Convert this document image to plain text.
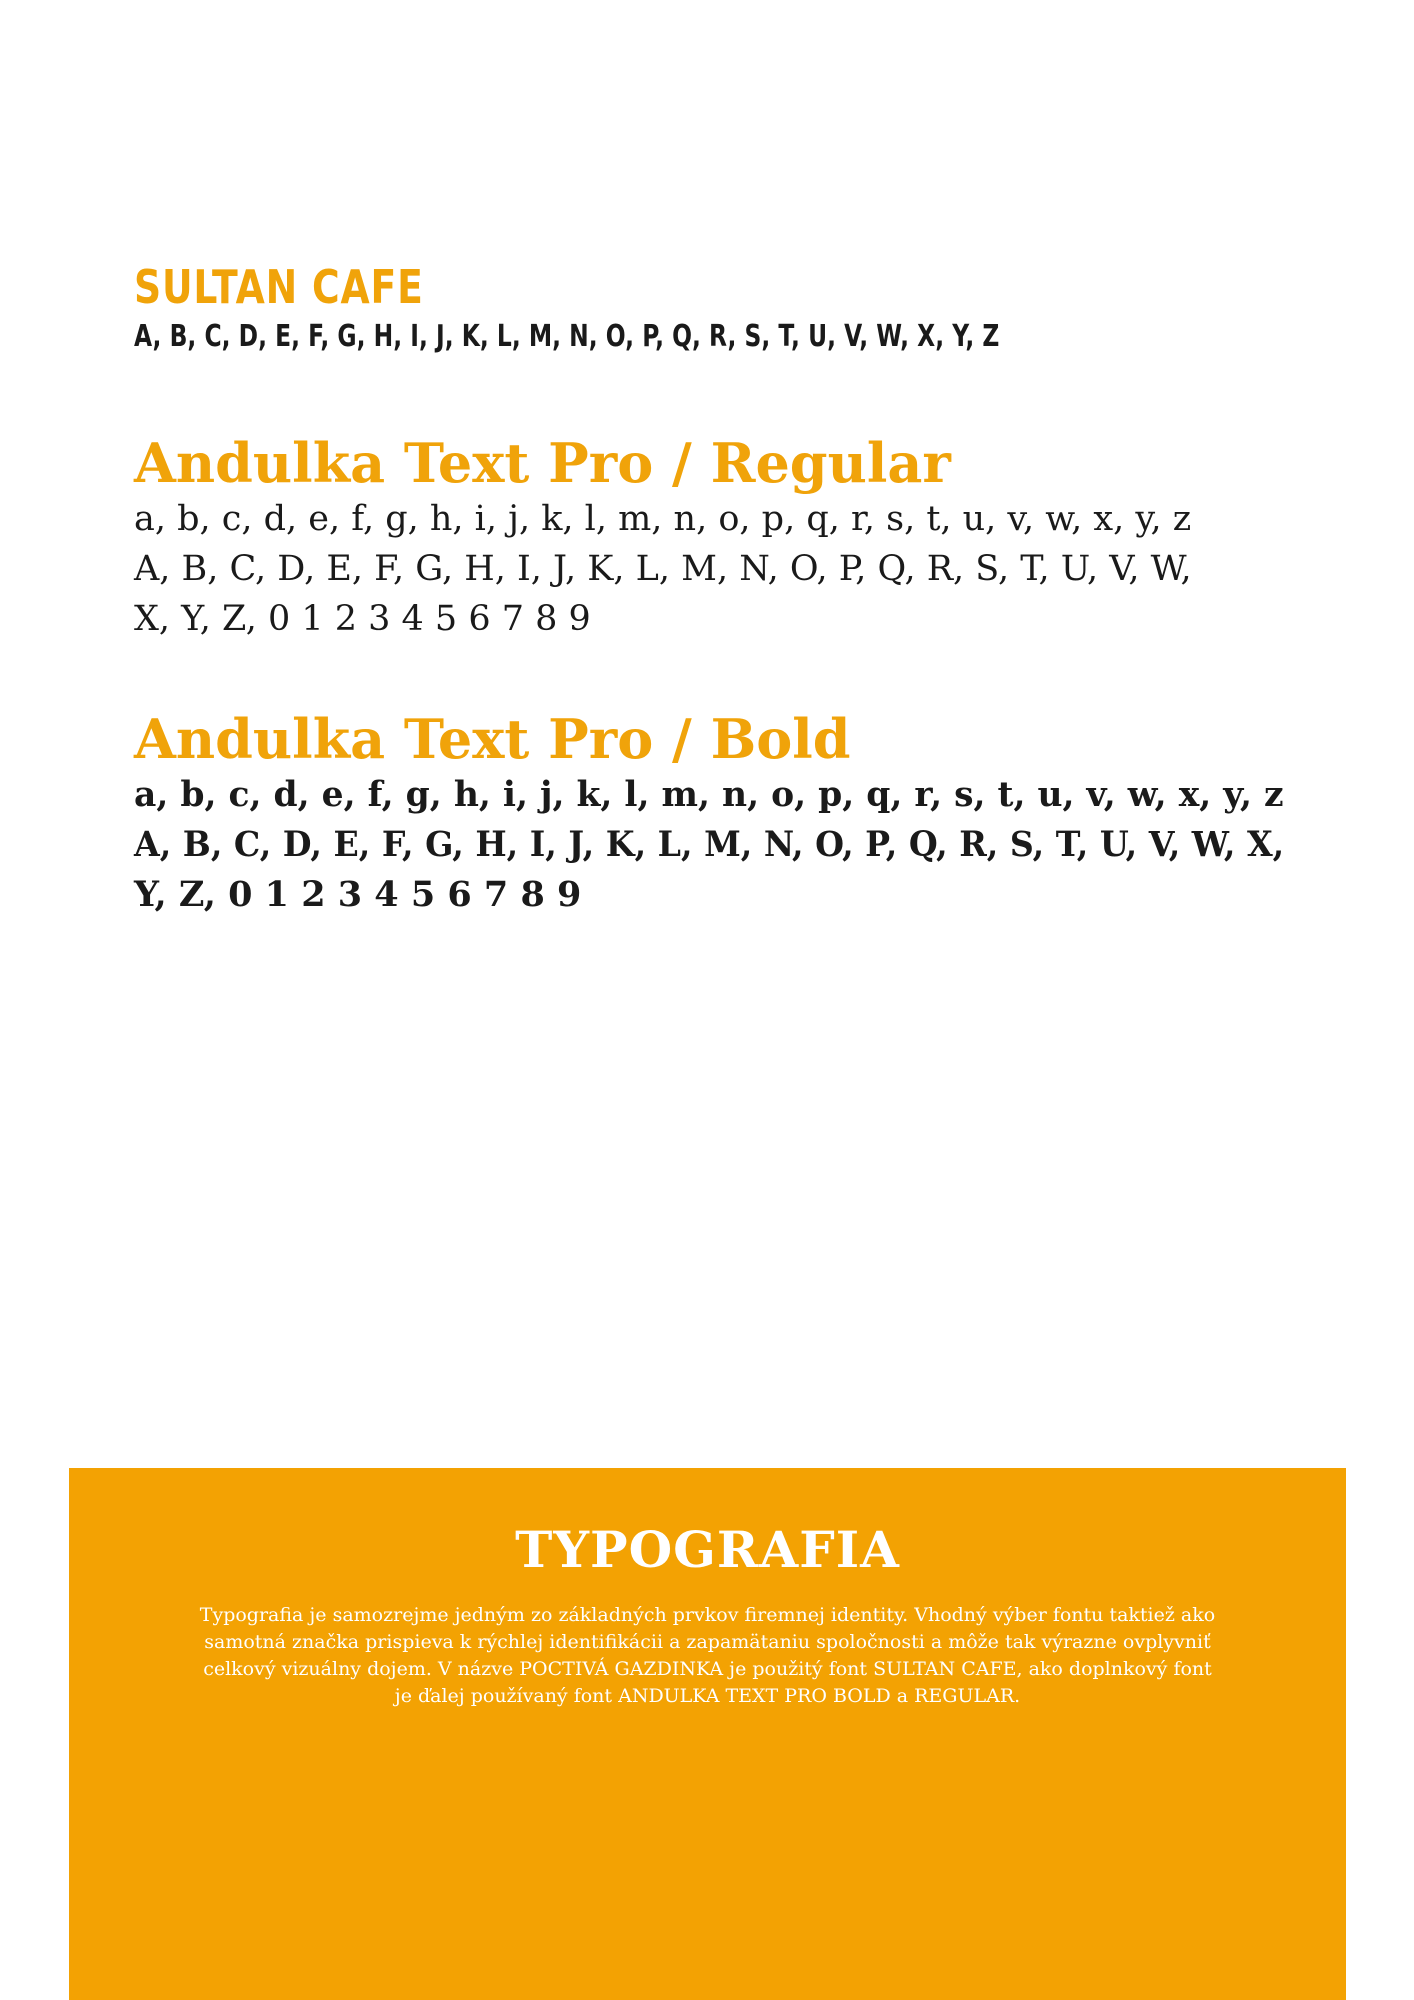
SULTAN CAFE

A, B, C, D, E, F, G, H, I, J, K, L, M, N, O, P, Q, R, S, T, U, V, W, X, Y, Z

Andulka Text Pro / Regular

a, b, c, d, e, f, g, h, i, j, k, l, m, n, o, p, q, r, s, t, u, v, w, x, y, z

A, B, C, D, E, F, G, H, I, J, K, L, M, N, O, P, Q, R, S, T, U, V, W,

X, Y, Z, 0 1 2 3 4 5 6 7 8 9

Andulka Text Pro / Bold

a, b, c, d, e, f, g, h, i, j, k, l, m, n, o, p, q, r, s, t, u, v, w, x, y, z

A, B, C, D, E, F, G, H, I, J, K, L, M, N, O, P, Q, R, S, T, U, V, W, X,

Y, Z, 0 1 2 3 4 5 6 7 8 9

TYPOGRAFIA

Typografia je samozrejme jedným zo základných prvkov firemnej identity. Vhodný výber fontu taktiež ako
samotná značka prispieva k rýchlej identifikácii a zapamätaniu spoločnosti a môže tak výrazne ovplyvniť
celkový vizuálny dojem. V názve POCTIVÁ GAZDINKA je použitý font SULTAN CAFE, ako doplnkový font
je ďalej používaný font ANDULKA TEXT PRO BOLD a REGULAR.
